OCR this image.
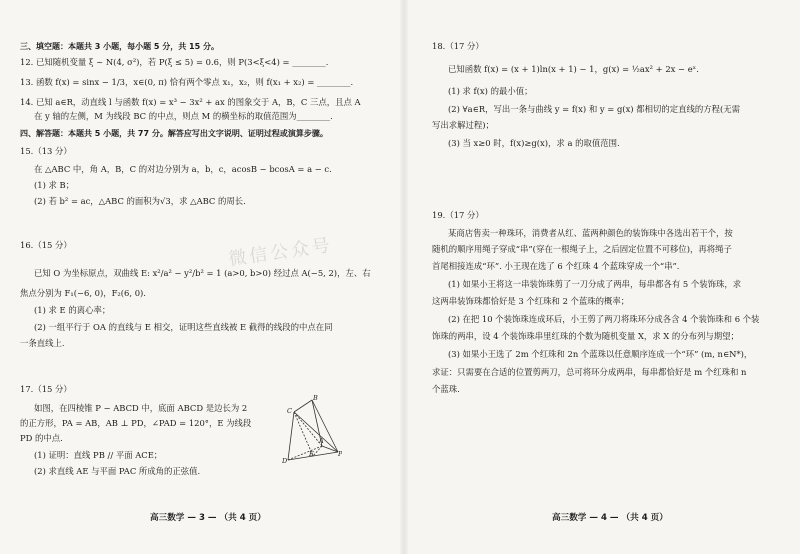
三、填空题：本题共 3 小题，每小题 5 分，共 15 分。
12. 已知随机变量 ξ ~ N(4, σ²)，若 P(ξ ≤ 5) = 0.6，则 P(3<ξ<4) = ________.
13. 函数 f(x) = sinx − 1/3，x∈(0, π) 恰有两个零点 x₁，x₂，则 f(x₁ + x₂) = ________.
14. 已知 a∈R，动直线 l 与函数 f(x) = x³ − 3x² + ax 的图象交于 A，B，C 三点，且点 A
在 y 轴的左侧，M 为线段 BC 的中点，则点 M 的横坐标的取值范围为________.
四、解答题：本题共 5 小题，共 77 分。解答应写出文字说明、证明过程或演算步骤。
15.（13 分）
在 △ABC 中，角 A，B，C 的对边分别为 a，b，c，acosB − bcosA = a − c.
(1) 求 B；
(2) 若 b² = ac，△ABC 的面积为√3，求 △ABC 的周长.
16.（15 分）
已知 O 为坐标原点，双曲线 E: x²/a² − y²/b² = 1 (a>0, b>0) 经过点 A(−5, 2)，左、右
焦点分别为 F₁(−6, 0)，F₂(6, 0).
(1) 求 E 的离心率；
(2) 一组平行于 OA 的直线与 E 相交，证明这些直线被 E 截得的线段的中点在同
一条直线上.
17.（15 分）
如图，在四棱锥 P − ABCD 中，底面 ABCD 是边长为 2
的正方形，PA = AB，AB ⊥ PD，∠PAD = 120°，E 为线段
PD 的中点.
(1) 证明：直线 PB // 平面 ACE；
(2) 求直线 AE 与平面 PAC 所成角的正弦值.
B
C
A
E	P
D
微信公众号
高三数学 — 3 — （共 4 页）
18.（17 分）
已知函数 f(x) = (x + 1)ln(x + 1) − 1，g(x) = ½ax² + 2x − eˣ.
(1) 求 f(x) 的最小值；
(2) ∀a∈R，写出一条与曲线 y = f(x) 和 y = g(x) 都相切的定直线的方程(无需
写出求解过程)；
(3) 当 x≥0 时，f(x)≥g(x)，求 a 的取值范围.
19.（17 分）
某商店售卖一种珠环，消费者从红、蓝两种颜色的装饰珠中各选出若干个，按
随机的顺序用绳子穿成“串”(穿在一根绳子上，之后固定位置不可移位)，再将绳子
首尾相接连成“环”. 小王现在选了 6 个红珠 4 个蓝珠穿成一个“串”.
(1) 如果小王将这一串装饰珠剪了一刀分成了两串，每串都各有 5 个装饰珠，求
这两串装饰珠都恰好是 3 个红珠和 2 个蓝珠的概率；
(2) 在把 10 个装饰珠连成环后，小王剪了两刀将珠环分成各含 4 个装饰珠和 6 个装
饰珠的两串，设 4 个装饰珠串里红珠的个数为随机变量 X，求 X 的分布列与期望；
(3) 如果小王选了 2m 个红珠和 2n 个蓝珠以任意顺序连成一个“环” (m, n∈N*)，
求证：只需要在合适的位置剪两刀，总可将环分成两串，每串都恰好是 m 个红珠和 n
个蓝珠.
高三数学 — 4 — （共 4 页）
